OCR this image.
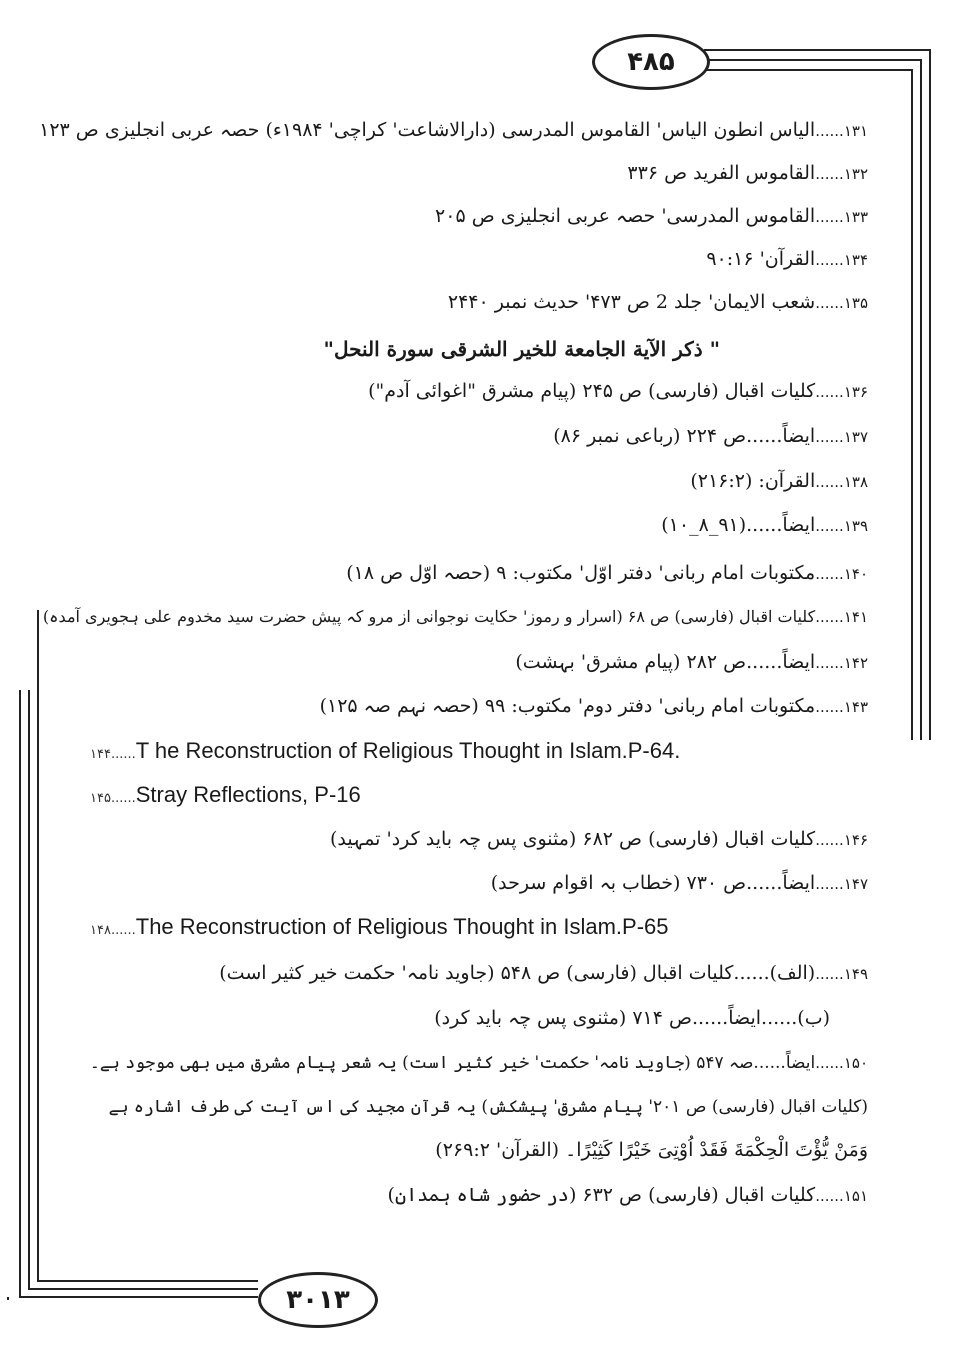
۴۸۵
۳۰۱۳
۱۳۱......الیاس انطون الیاس' القاموس المدرسی (دارالاشاعت' کراچی' ۱۹۸۴ء) حصہ عربی انجلیزی ص ۱۲۳
۱۳۲......القاموس الفرید ص ۳۳۶
۱۳۳......القاموس المدرسی' حصہ عربی انجلیزی ص ۲۰۵
۱۳۴......القرآن' ۹۰:۱۶
۱۳۵......شعب الایمان' جلد 2 ص ۴۷۳' حدیث نمبر ۲۴۴۰
" ذکر الآیة الجامعة للخیر الشرقی سورة النحل"
۱۳۶......کلیات اقبال (فارسی) ص ۲۴۵ (پیام مشرق "اغوائی آدم")
۱۳۷......ایضاً......ص ۲۲۴ (رباعی نمبر ۸۶)
۱۳۸......القرآن: (۲۱۶:۲)
۱۳۹......ایضاً......(۹۱_۸_۱۰)
۱۴۰......مکتوبات امام ربانی' دفتر اوّل' مکتوب: ۹ (حصہ اوّل ص ۱۸)
۱۴۱......کلیات اقبال (فارسی) ص ۶۸ (اسرار و رموز' حکایت نوجوانی از مرو کہ پیش حضرت سید مخدوم علی ہجویری آمدہ)
۱۴۲......ایضاً......ص ۲۸۲ (پیام مشرق' بہشت)
۱۴۳......مکتوبات امام ربانی' دفتر دوم' مکتوب: ۹۹ (حصہ نہم صہ ۱۲۵)
۱۴۴......T he Reconstruction of Religious Thought in Islam.P-64.
۱۴۵......Stray Reflections, P-16
۱۴۶......کلیات اقبال (فارسی) ص ۶۸۲ (مثنوی پس چہ باید کرد' تمہید)
۱۴۷......ایضاً......ص ۷۳۰ (خطاب بہ اقوام سرحد)
۱۴۸......The Reconstruction of Religious Thought in Islam.P-65
۱۴۹......(الف)......کلیات اقبال (فارسی) ص ۵۴۸ (جاوید نامہ' حکمت خیر کثیر است)
(ب)......ایضاً......ص ۷۱۴ (مثنوی پس چہ باید کرد)
۱۵۰......ایضاً......صہ ۵۴۷ (جاوید نامہ' حکمت' خیر کثیر است) یہ شعر پیام مشرق میں بھی موجود ہے۔
(کلیات اقبال (فارسی) ص ۲۰۱' پیام مشرق' پیشکش) یہ قرآن مجید کی اس آیت کی طرف اشارہ ہے
وَمَنْ یُّؤْتَ الْحِکْمَةَ فَقَدْ اُوْتِیَ خَیْرًا کَثِیْرًا۔ (القرآن' ۲۶۹:۲)
۱۵۱......کلیات اقبال (فارسی) ص ۶۳۲ (در حضور شاہ ہمدان)
